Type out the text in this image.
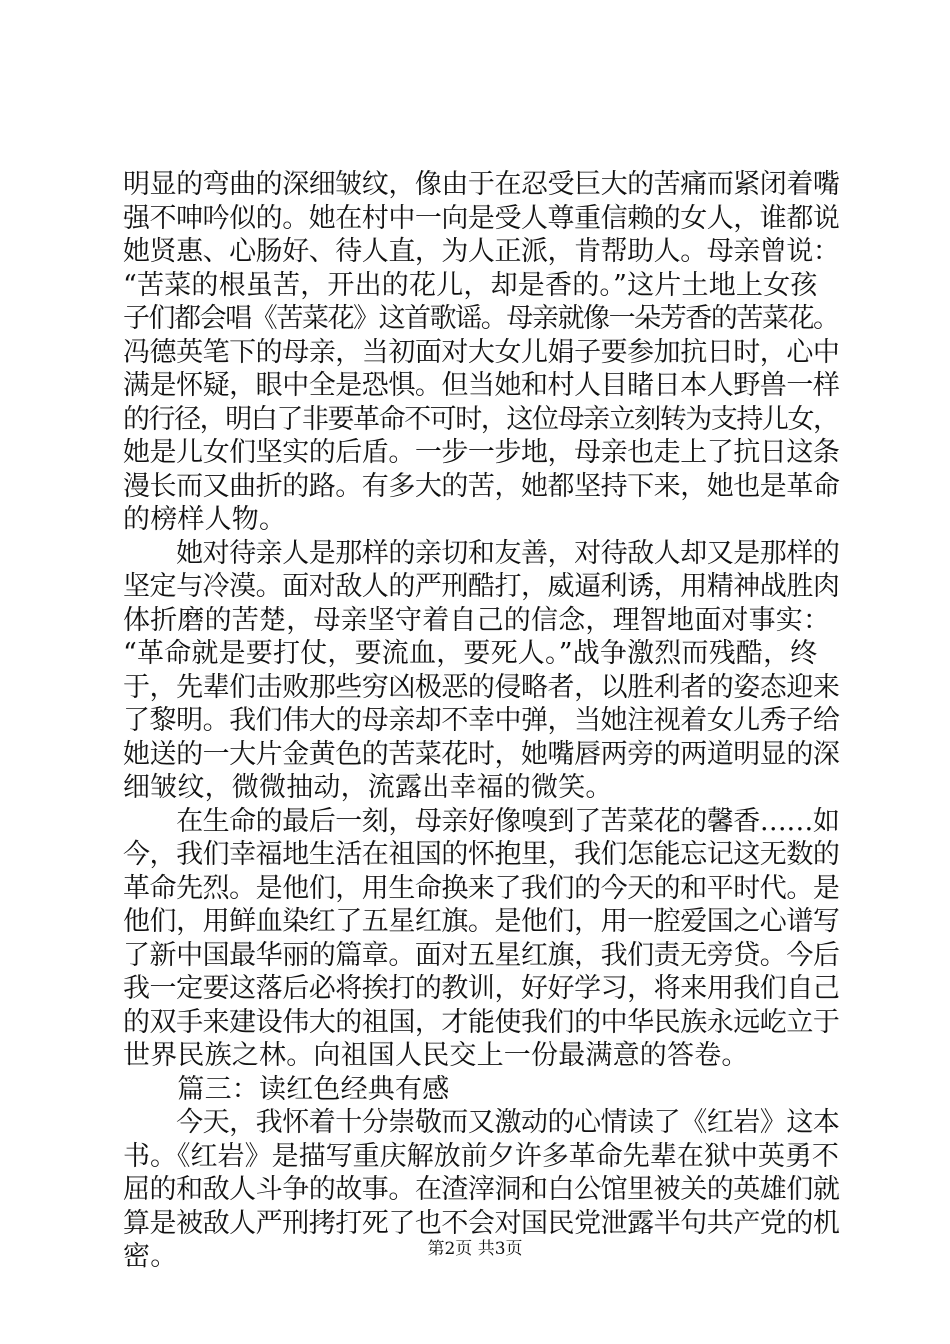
明显的弯曲的深细皱纹，像由于在忍受巨大的苦痛而紧闭着嘴
强不呻吟似的。她在村中一向是受人尊重信赖的女人，谁都说
她贤惠、心肠好、待人直，为人正派，肯帮助人。母亲曾说：
“苦菜的根虽苦，开出的花儿，却是香的。”这片土地上女孩
子们都会唱《苦菜花》这首歌谣。母亲就像一朵芳香的苦菜花。
冯德英笔下的母亲，当初面对大女儿娟子要参加抗日时，心中
满是怀疑，眼中全是恐惧。但当她和村人目睹日本人野兽一样
的行径，明白了非要革命不可时，这位母亲立刻转为支持儿女，
她是儿女们坚实的后盾。一步一步地，母亲也走上了抗日这条
漫长而又曲折的路。有多大的苦，她都坚持下来，她也是革命
的榜样人物。
　　她对待亲人是那样的亲切和友善，对待敌人却又是那样的
坚定与冷漠。面对敌人的严刑酷打，威逼利诱，用精神战胜肉
体折磨的苦楚，母亲坚守着自己的信念，理智地面对事实：
“革命就是要打仗，要流血，要死人。”战争激烈而残酷，终
于，先辈们击败那些穷凶极恶的侵略者，以胜利者的姿态迎来
了黎明。我们伟大的母亲却不幸中弹，当她注视着女儿秀子给
她送的一大片金黄色的苦菜花时，她嘴唇两旁的两道明显的深
细皱纹，微微抽动，流露出幸福的微笑。
　　在生命的最后一刻，母亲好像嗅到了苦菜花的馨香……如
今，我们幸福地生活在祖国的怀抱里，我们怎能忘记这无数的
革命先烈。是他们，用生命换来了我们的今天的和平时代。是
他们，用鲜血染红了五星红旗。是他们，用一腔爱国之心谱写
了新中国最华丽的篇章。面对五星红旗，我们责无旁贷。今后
我一定要这落后必将挨打的教训，好好学习，将来用我们自己
的双手来建设伟大的祖国，才能使我们的中华民族永远屹立于
世界民族之林。向祖国人民交上一份最满意的答卷。
　　篇三：读红色经典有感
　　今天，我怀着十分崇敬而又激动的心情读了《红岩》这本
书。《红岩》是描写重庆解放前夕许多革命先辈在狱中英勇不
屈的和敌人斗争的故事。在渣滓洞和白公馆里被关的英雄们就
算是被敌人严刑拷打死了也不会对国民党泄露半句共产党的机
密。	第2页 共3页
